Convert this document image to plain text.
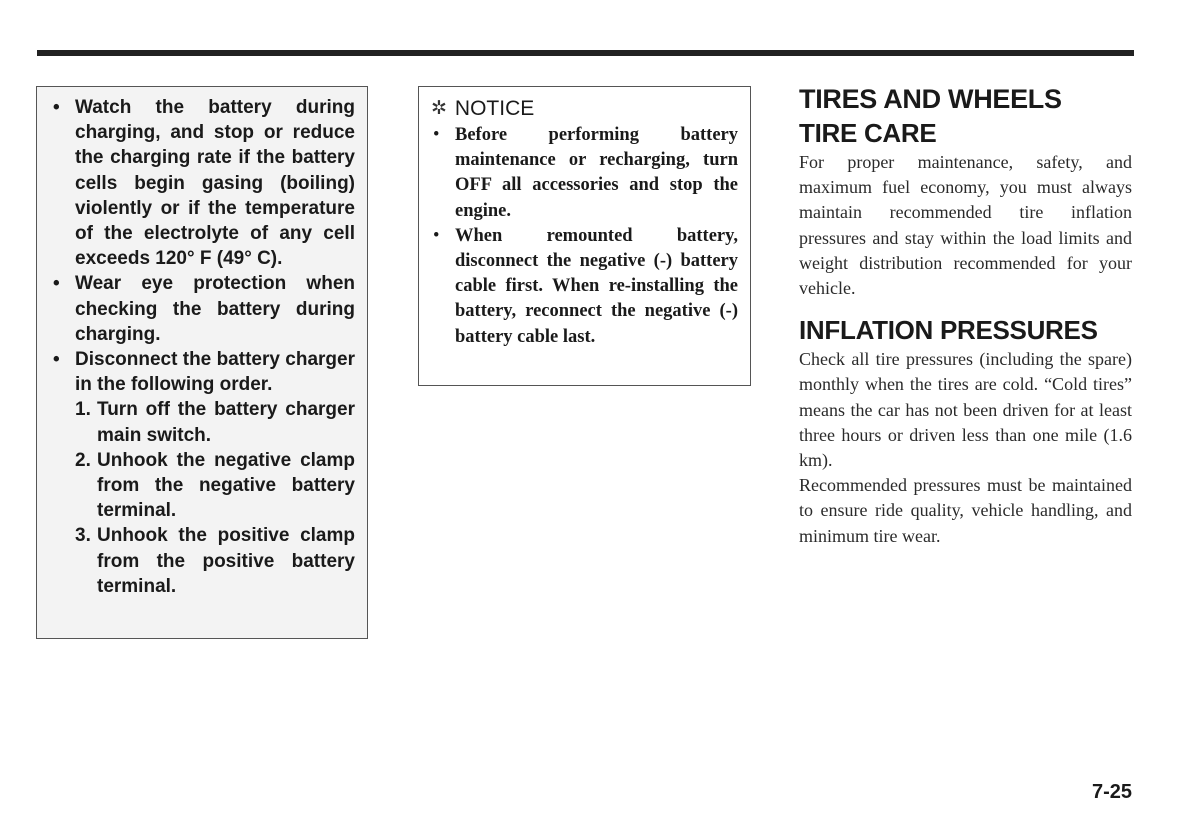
• Watch the battery during charging, and stop or reduce the charging rate if the battery cells begin gasing (boiling) violently or if the temperature of the electrolyte of any cell exceeds 120° F (49° C).
• Wear eye protection when checking the battery during charging.
• Disconnect the battery charger in the following order.
1. Turn off the battery charger main switch.
2. Unhook the negative clamp from the negative battery terminal.
3. Unhook the positive clamp from the positive battery terminal.
✲ NOTICE
• Before performing battery maintenance or recharging, turn OFF all accessories and stop the engine.
• When remounted battery, disconnect the negative (-) battery cable first. When re-installing the battery, reconnect the negative (-) battery cable last.
TIRES AND WHEELS
TIRE CARE

For proper maintenance, safety, and maximum fuel economy, you must always maintain recommended tire inflation pressures and stay within the load limits and weight distribution recommended for your vehicle.

INFLATION PRESSURES

Check all tire pressures (including the spare) monthly when the tires are cold. “Cold tires” means the car has not been driven for at least three hours or driven less than one mile (1.6 km).

Recommended pressures must be maintained to ensure ride quality, vehicle handling, and minimum tire wear.

7-25
